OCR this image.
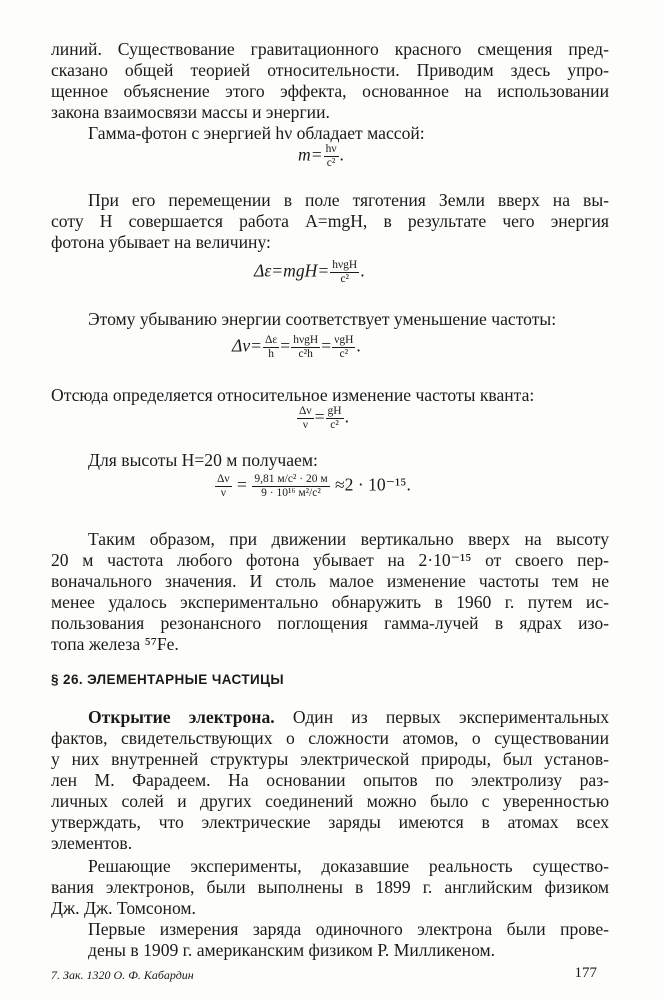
линий. Существование гравитационного красного смещения пред-
сказано общей теорией относительности. Приводим здесь упро-
щенное объяснение этого эффекта, основанное на использовании
закона взаимосвязи массы и энергии.
Гамма-фотон с энергией hν обладает массой:
$m= \frac{h\nu}{\text{c²}}$ .
При его перемещении в поле тяготения Земли вверх на вы-
соту H совершается работа A=mgH, в результате чего энергия
фотона убывает на величину:
$\Delta\varepsilon=mgH= \frac{\text{hνgH}}{\text{c²}}$ .
Этому убыванию энергии соответствует уменьшение частоты:
$\Delta\nu= \frac{\Delta\varepsilon}{h} = \frac{\text{hνgH}}{\text{c²h}} = \frac{\text{νgH}}{\text{c²}}$ .
Отсюда определяется относительное изменение частоты кванта:
$\frac{\Delta\nu}{\nu} = \frac{gH}{\text{c²}}$ .
Для высоты H=20 м получаем:
$\frac{\Delta\nu}{\nu} = \frac{\text{9,81 м/с² · 20 м}}{\text{9 · 10¹⁶ м²/с²}} \approx 2 \cdot 10^{-15}$.
Таким образом, при движении вертикально вверх на высоту
20 м частота любого фотона убывает на 2·10⁻¹⁵ от своего пер-
воначального значения. И столь малое изменение частоты тем не
менее удалось экспериментально обнаружить в 1960 г. путем ис-
пользования резонансного поглощения гамма-лучей в ядрах изо-
топа железа ⁵⁷Fe.
§ 26. ЭЛЕМЕНТАРНЫЕ ЧАСТИЦЫ
Открытие электрона. Один из первых экспериментальных
фактов, свидетельствующих о сложности атомов, о существовании
у них внутренней структуры электрической природы, был установ-
лен М. Фарадеем. На основании опытов по электролизу раз-
личных солей и других соединений можно было с уверенностью
утверждать, что электрические заряды имеются в атомах всех
элементов.
Решающие эксперименты, доказавшие реальность существо-
вания электронов, были выполнены в 1899 г. английским физиком
Дж. Дж. Томсоном.
Первые измерения заряда одиночного электрона были прове-
дены в 1909 г. американским физиком Р. Милликеном.
7. Зак. 1320 О. Ф. Кабардин	177
